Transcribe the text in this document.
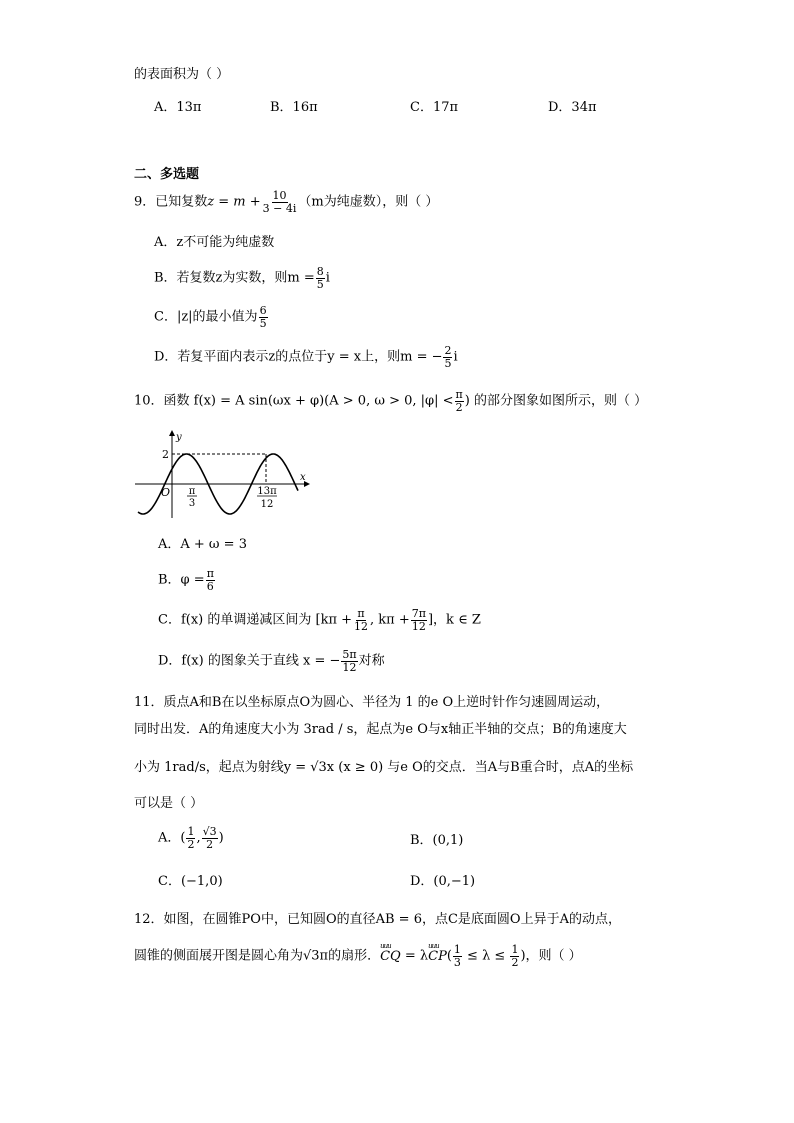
的表面积为（ ）
A．13π	B．16π	C．17π	D．34π
二、多选题
9．已知复数$z = m + \frac{10}{3 - 4i} (m$为纯虚数），则（ ）
A．z不可能为纯虚数
B．若复数z为实数，则$m = \frac{8}{5}$ i
C．|z|的最小值为 $\frac{6}{5}$
D．若复平面内表示z的点位于y = x上，则m = − $\frac{2}{5}$ i
10．函数 f(x) = A sin(ωx + φ)(A > 0, ω > 0, $|\varphi| < \frac{\pi}{2}$ ) 的部分图象如图所示，则（ ）
y
x
2
O π
3
13π
12
A．A + ω = 3
B．$\varphi = \frac{\pi}{6}$
C．f(x) 的单调递减区间为 [$k\pi + \frac{\pi}{12}$ , $k\pi + \frac{7\pi}{12}$ ]，k ∈ Z
D．f(x) 的图象关于直线 x = − $\frac{5\pi}{12}$ 对称
11．质点A和B在以坐标原点O为圆心、半径为 1 的e O上逆时针作匀速圆周运动，
同时出发．A的角速度大小为 3rad / s，起点为e O与x轴正半轴的交点；B的角速度大
小为 1rad/s，起点为射线y = √3x (x ≥ 0) 与e O的交点．当A与B重合时，点A的坐标
可以是（ ）
A．( $\frac{1}{2}$ , $\frac{√3}{2}$ )	B．(0,1)
C．(−1,0)	D．(0,−1)
12．如图，在圆锥PO中，已知圆O的直径AB = 6，点C是底面圆O上异于A的动点，
圆锥的侧面展开图是圆心角为√3π的扇形．uuu CQ = λuuu $CP( \frac{1}{3} \le \lambda \le \frac{1}{2}$ )，则（ ）
